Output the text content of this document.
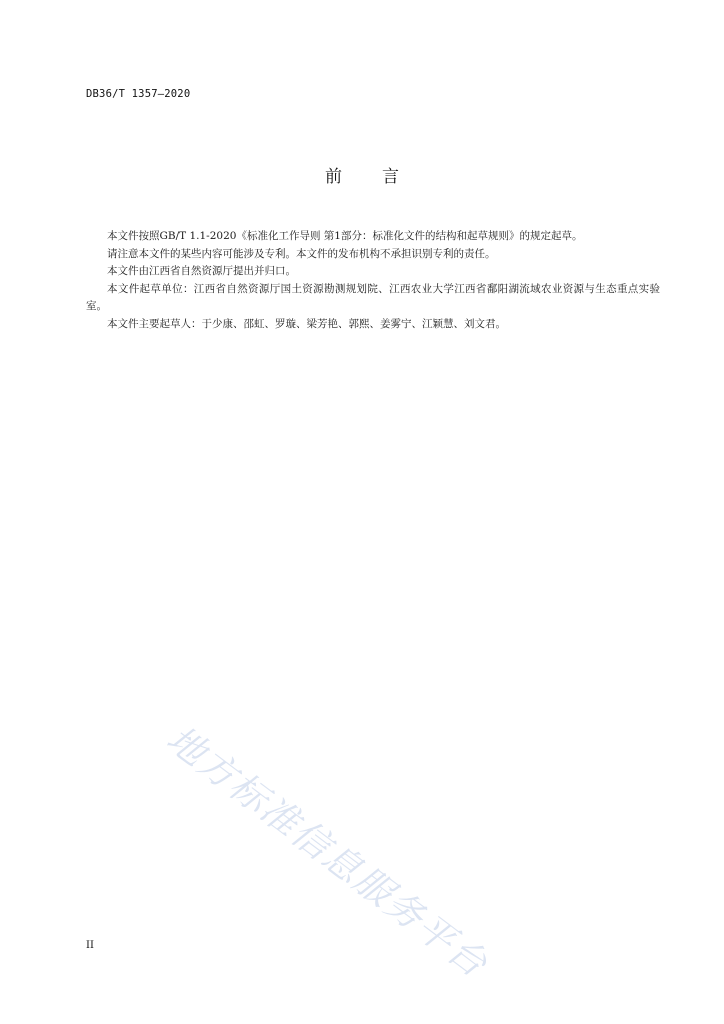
DB36/T 1357—2020
前 言

本文件按照GB/T 1.1-2020《标准化工作导则 第1部分：标准化文件的结构和起草规则》的规定起草。

请注意本文件的某些内容可能涉及专利。本文件的发布机构不承担识别专利的责任。

本文件由江西省自然资源厅提出并归口。

本文件起草单位：江西省自然资源厅国土资源勘测规划院、江西农业大学江西省鄱阳湖流域农业资源与生态重点实验室。

本文件主要起草人：于少康、邵虹、罗璇、梁芳艳、郭熙、姜雾宁、江颖慧、刘文君。

地方标准信息服务平台
II
